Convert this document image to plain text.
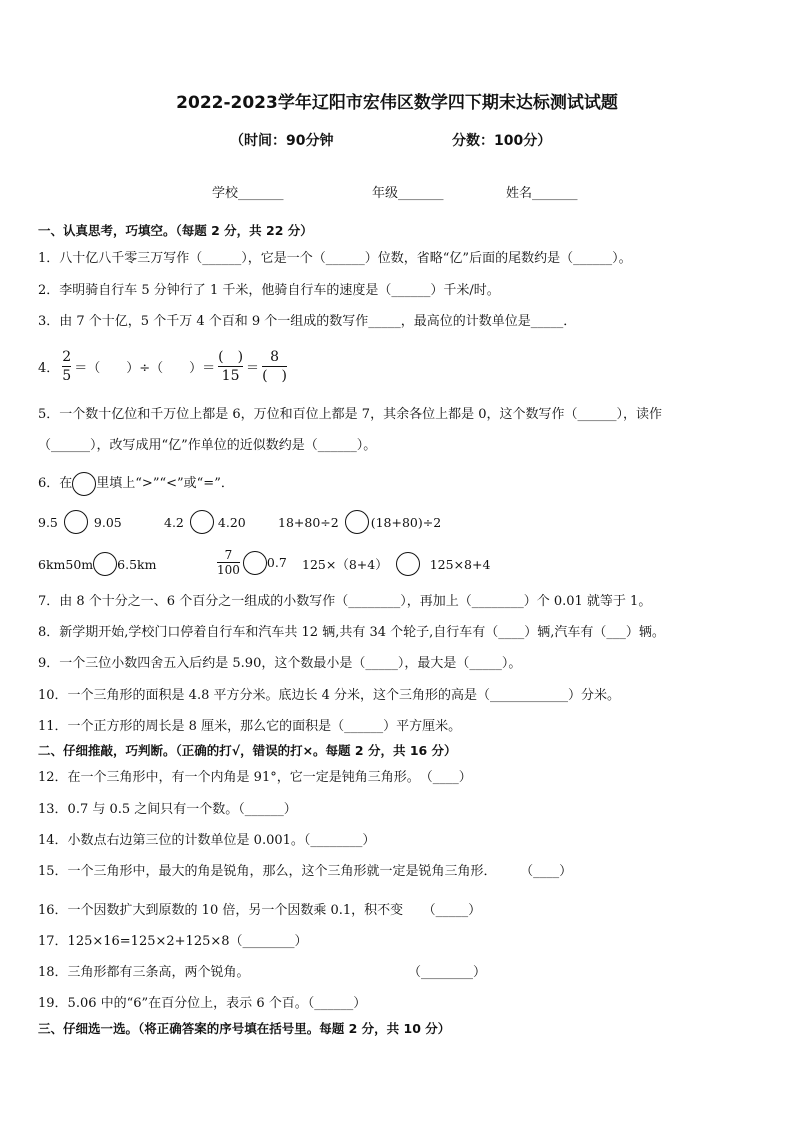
2022-2023学年辽阳市宏伟区数学四下期末达标测试试题
（时间：90分钟	分数：100分）
学校_______	年级_______	姓名_______
一、认真思考，巧填空。（每题 2 分，共 22 分）
1．八十亿八千零三万写作（______），它是一个（______）位数，省略“亿”后面的尾数约是（______）。
2．李明骑自行车 5 分钟行了 1 千米，他骑自行车的速度是（______）千米/时。
3．由 7 个十亿，5 个千万 4 个百和 9 个一组成的数写作_____，最高位的计数单位是_____．
4． $\frac{2}{5}$ ＝（　　）÷（　　）＝ $\frac{( )}{15} = \frac{8}{( )}$
5．一个数十亿位和千万位上都是 6，万位和百位上都是 7，其余各位上都是 0，这个数写作（______），读作
（______），改写成用“亿”作单位的近似数约是（______）。
6．在 里填上“>”“<”或“=”．
9.5	9.05	4.2	4.20	18+80÷2	(18+80)÷2
6km50m 6.5km	$\frac{7}{100} 0.7$ 125×（8+4）	125×8+4
7．由 8 个十分之一、6 个百分之一组成的小数写作（________），再加上（________）个 0.01 就等于 1。
8．新学期开始,学校门口停着自行车和汽车共 12 辆,共有 34 个轮子,自行车有（____）辆,汽车有（___）辆。
9．一个三位小数四舍五入后约是 5.90，这个数最小是（_____），最大是（_____）。
10．一个三角形的面积是 4.8 平方分米。底边长 4 分米，这个三角形的高是（____________）分米。
11．一个正方形的周长是 8 厘米，那么它的面积是（______）平方厘米。
二、仔细推敲，巧判断。（正确的打√，错误的打×。每题 2 分，共 16 分）
12．在一个三角形中，有一个内角是 91°，它一定是钝角三角形。　（____）
13．0.7 与 0.5 之间只有一个数。（______）
14．小数点右边第三位的计数单位是 0.001。（________）
15．一个三角形中，最大的角是锐角，那么，这个三角形就一定是锐角三角形．　　 （____）
16．一个因数扩大到原数的 10 倍，另一个因数乘 0.1，积不变　　（_____）
17．125×16=125×2+125×8（________）
18．三角形都有三条高，两个锐角。	（________）
19．5.06 中的“6”在百分位上，表示 6 个百。（______）
三、仔细选一选。（将正确答案的序号填在括号里。每题 2 分，共 10 分）
